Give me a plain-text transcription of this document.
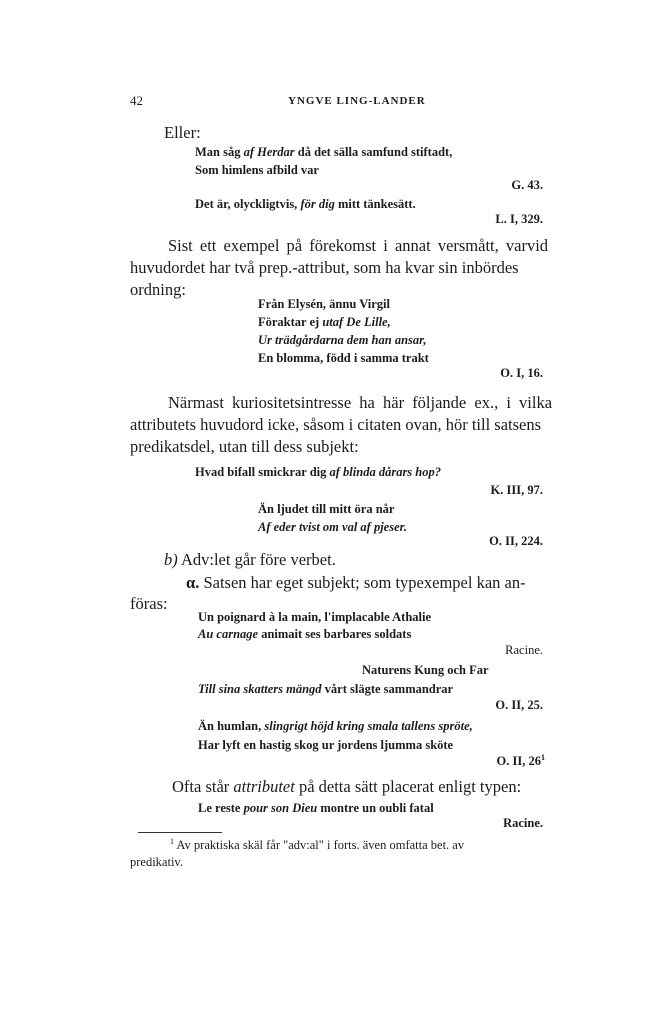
42	YNGVE LING-LANDER
Eller:
Man såg af Herdar då det sälla samfund stiftadt,
Som himlens afbild var
G. 43.
Det är, olyckligtvis, för dig mitt tänkesätt.
L. I, 329.
Sist ett exempel på förekomst i annat versmått, varvid
huvudordet har två prep.-attribut, som ha kvar sin inbördes
ordning:
Från Elysén, ännu Virgil
Föraktar ej utaf De Lille,
Ur trädgårdarna dem han ansar,
En blomma, född i samma trakt
O. I, 16.
Närmast kuriositetsintresse ha här följande ex., i vilka
attributets huvudord icke, såsom i citaten ovan, hör till satsens
predikatsdel, utan till dess subjekt:
Hvad bifall smickrar dig af blinda dårars hop?
K. III, 97.
Än ljudet till mitt öra når
Af eder tvist om val af pjeser.
O. II, 224.
b) Adv:let går före verbet.
α. Satsen har eget subjekt; som typexempel kan an-
föras:
Un poignard à la main, l'implacable Athalie
Au carnage animait ses barbares soldats
Racine.
Naturens Kung och Far
Till sina skatters mängd vårt slägte sammandrar
O. II, 25.
Än humlan, slingrigt höjd kring smala tallens spröte,
Har lyft en hastig skog ur jordens ljumma sköte
O. II, $26^1$
Ofta står attributet på detta sätt placerat enligt typen:
Le reste pour son Dieu montre un oubli fatal
Racine.
$^1$ Av praktiska skäl får "adv:al" i forts. även omfatta bet. av
predikativ.
